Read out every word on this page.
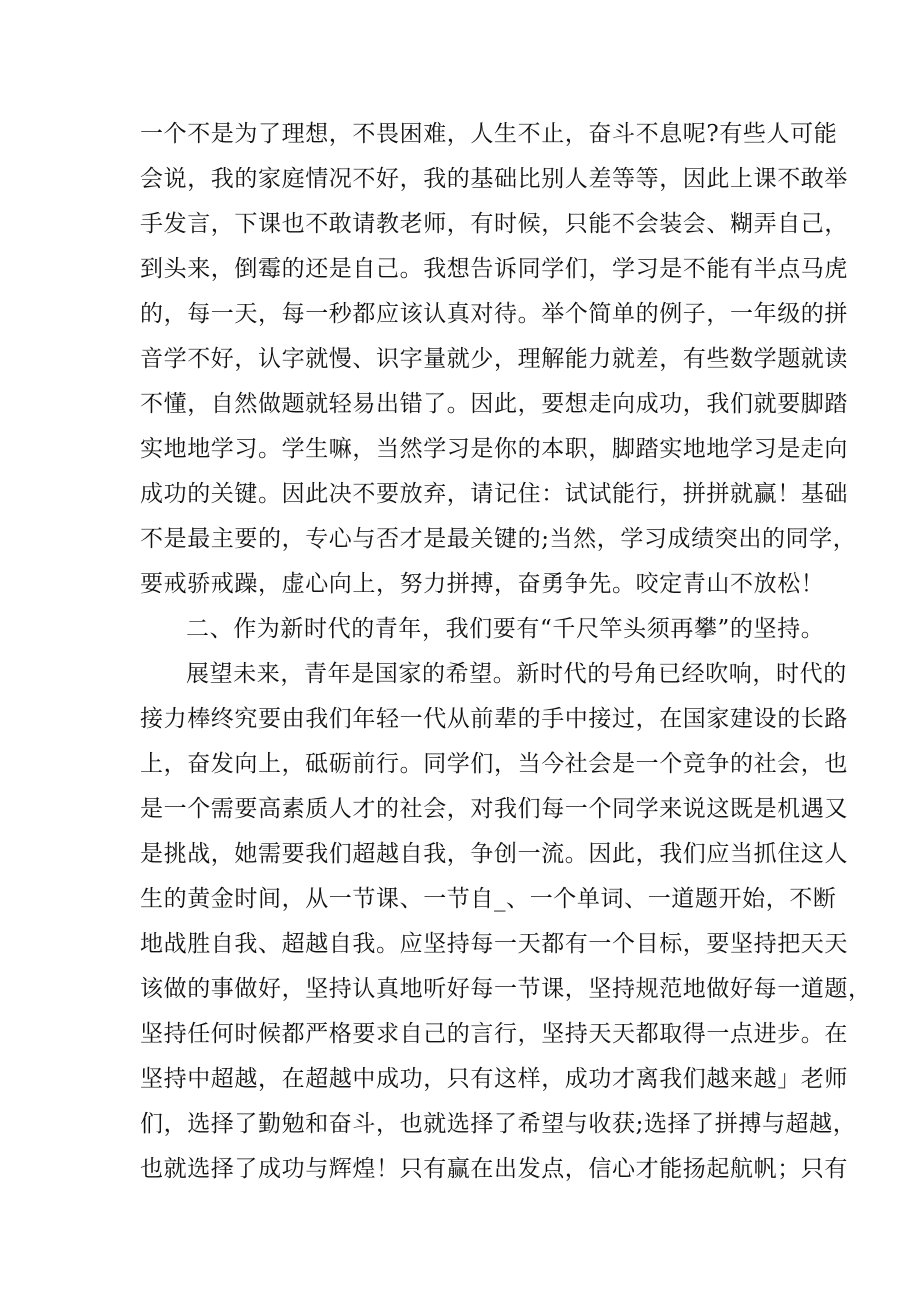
一个不是为了理想，不畏困难，人生不止，奋斗不息呢?有些人可能
会说，我的家庭情况不好，我的基础比别人差等等，因此上课不敢举
手发言，下课也不敢请教老师，有时候，只能不会装会、糊弄自己，
到头来，倒霉的还是自己。我想告诉同学们，学习是不能有半点马虎
的，每一天，每一秒都应该认真对待。举个简单的例子，一年级的拼
音学不好，认字就慢、识字量就少，理解能力就差，有些数学题就读
不懂，自然做题就轻易出错了。因此，要想走向成功，我们就要脚踏
实地地学习。学生嘛，当然学习是你的本职，脚踏实地地学习是走向
成功的关键。因此决不要放弃，请记住：试试能行，拼拼就赢！基础
不是最主要的，专心与否才是最关键的;当然，学习成绩突出的同学，
要戒骄戒躁，虚心向上，努力拼搏，奋勇争先。咬定青山不放松！
二、作为新时代的青年，我们要有“千尺竿头须再攀”的坚持。
展望未来，青年是国家的希望。新时代的号角已经吹响，时代的
接力棒终究要由我们年轻一代从前辈的手中接过，在国家建设的长路
上，奋发向上，砥砺前行。同学们，当今社会是一个竞争的社会，也
是一个需要高素质人才的社会，对我们每一个同学来说这既是机遇又
是挑战，她需要我们超越自我，争创一流。因此，我们应当抓住这人
生的黄金时间，从一节课、一节自_、一个单词、一道题开始，不断
地战胜自我、超越自我。应坚持每一天都有一个目标，要坚持把天天
该做的事做好，坚持认真地听好每一节课，坚持规范地做好每一道题，
坚持任何时候都严格要求自己的言行，坚持天天都取得一点进步。在
坚持中超越，在超越中成功，只有这样，成功才离我们越来越」老师
们，选择了勤勉和奋斗，也就选择了希望与收获;选择了拼搏与超越，
也就选择了成功与辉煌！只有赢在出发点，信心才能扬起航帆；只有
